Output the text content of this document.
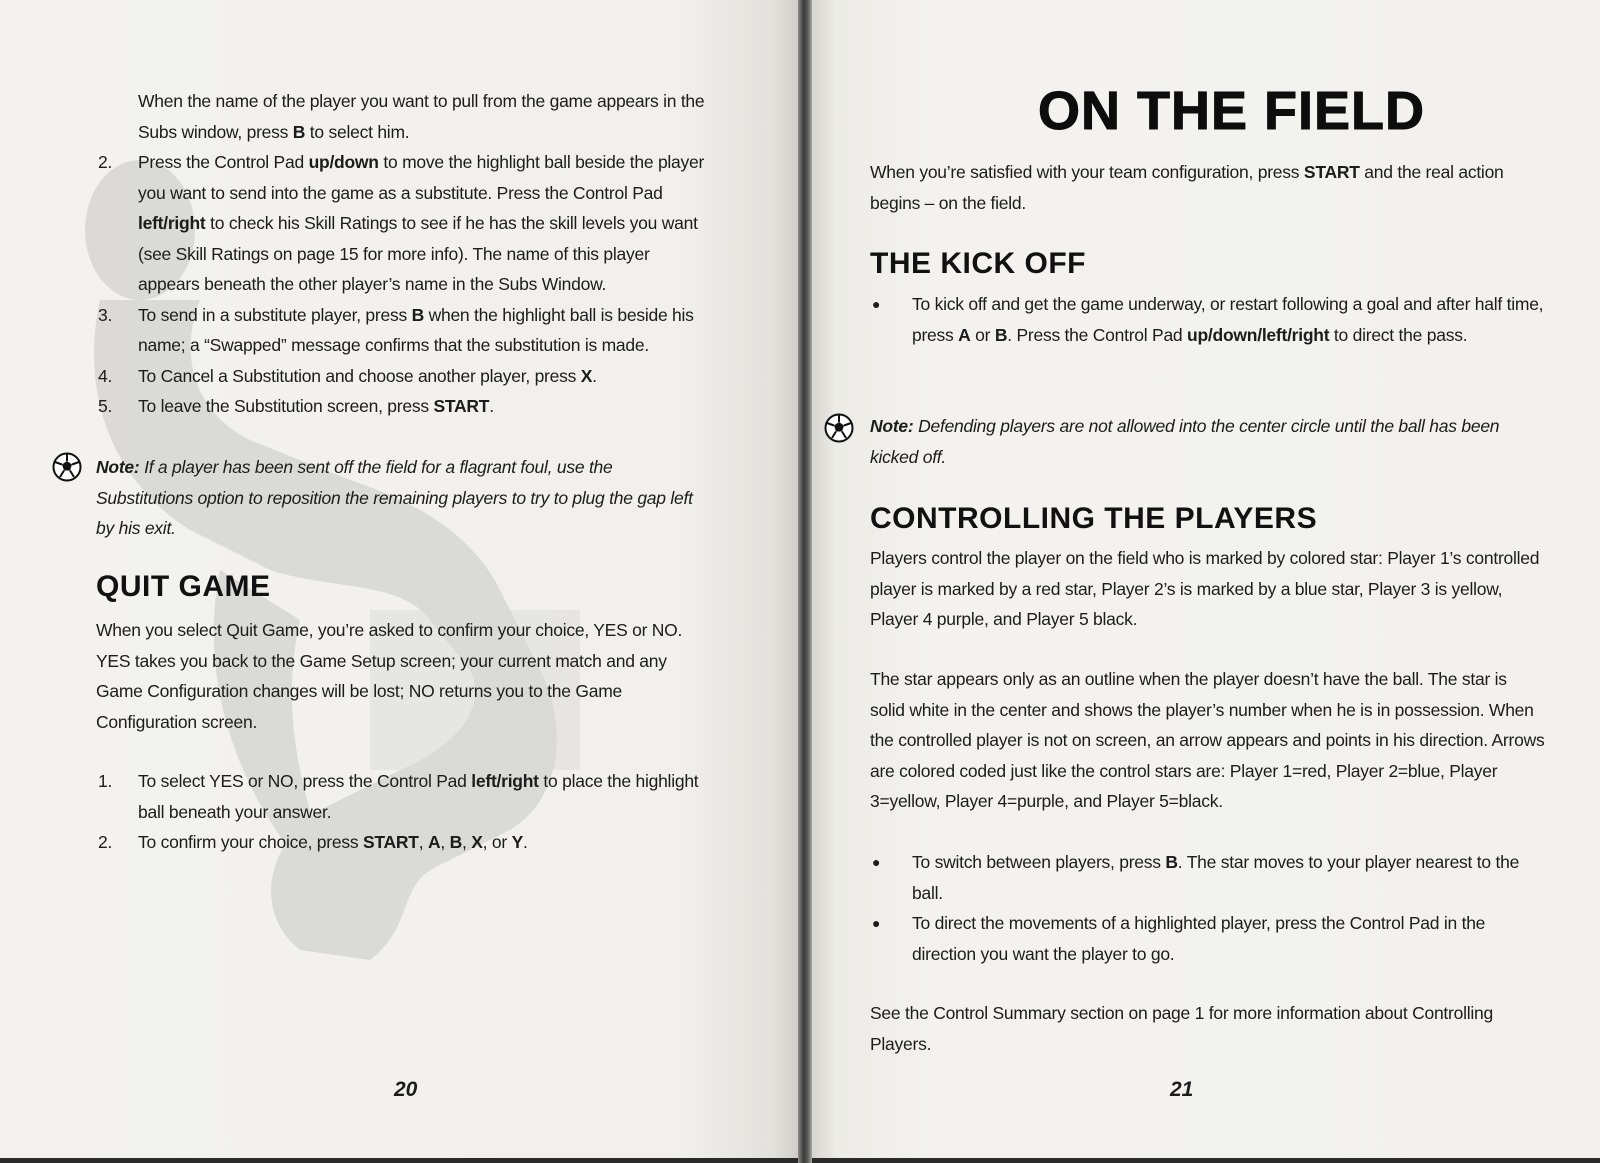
When the name of the player you want to pull from the game appears in the Subs window, press B to select him.
2. Press the Control Pad up/down to move the highlight ball beside the player you want to send into the game as a substitute. Press the Control Pad left/right to check his Skill Ratings to see if he has the skill levels you want (see Skill Ratings on page 15 for more info). The name of this player appears beneath the other player’s name in the Subs Window.
3. To send in a substitute player, press B when the highlight ball is beside his name; a “Swapped” message confirms that the substitution is made.
4. To Cancel a Substitution and choose another player, press X.
5. To leave the Substitution screen, press START.
Note: If a player has been sent off the field for a flagrant foul, use the Substitutions option to reposition the remaining players to try to plug the gap left by his exit.
QUIT GAME
When you select Quit Game, you’re asked to confirm your choice, YES or NO. YES takes you back to the Game Setup screen; your current match and any Game Configuration changes will be lost; NO returns you to the Game Configuration screen.
1. To select YES or NO, press the Control Pad left/right to place the highlight ball beneath your answer.
2. To confirm your choice, press START, A, B, X, or Y.
20
ON THE FIELD
When you’re satisfied with your team configuration, press START and the real action begins – on the field.
THE KICK OFF
● To kick off and get the game underway, or restart following a goal and after half time, press A or B. Press the Control Pad up/down/left/right to direct the pass.
Note: Defending players are not allowed into the center circle until the ball has been kicked off.
CONTROLLING THE PLAYERS
Players control the player on the field who is marked by colored star: Player 1’s controlled player is marked by a red star, Player 2’s is marked by a blue star, Player 3 is yellow, Player 4 purple, and Player 5 black.
The star appears only as an outline when the player doesn’t have the ball. The star is solid white in the center and shows the player’s number when he is in possession. When the controlled player is not on screen, an arrow appears and points in his direction. Arrows are colored coded just like the control stars are: Player 1=red, Player 2=blue, Player 3=yellow, Player 4=purple, and Player 5=black.
● To switch between players, press B. The star moves to your player nearest to the ball.
● To direct the movements of a highlighted player, press the Control Pad in the direction you want the player to go.
See the Control Summary section on page 1 for more information about Controlling Players.
21
